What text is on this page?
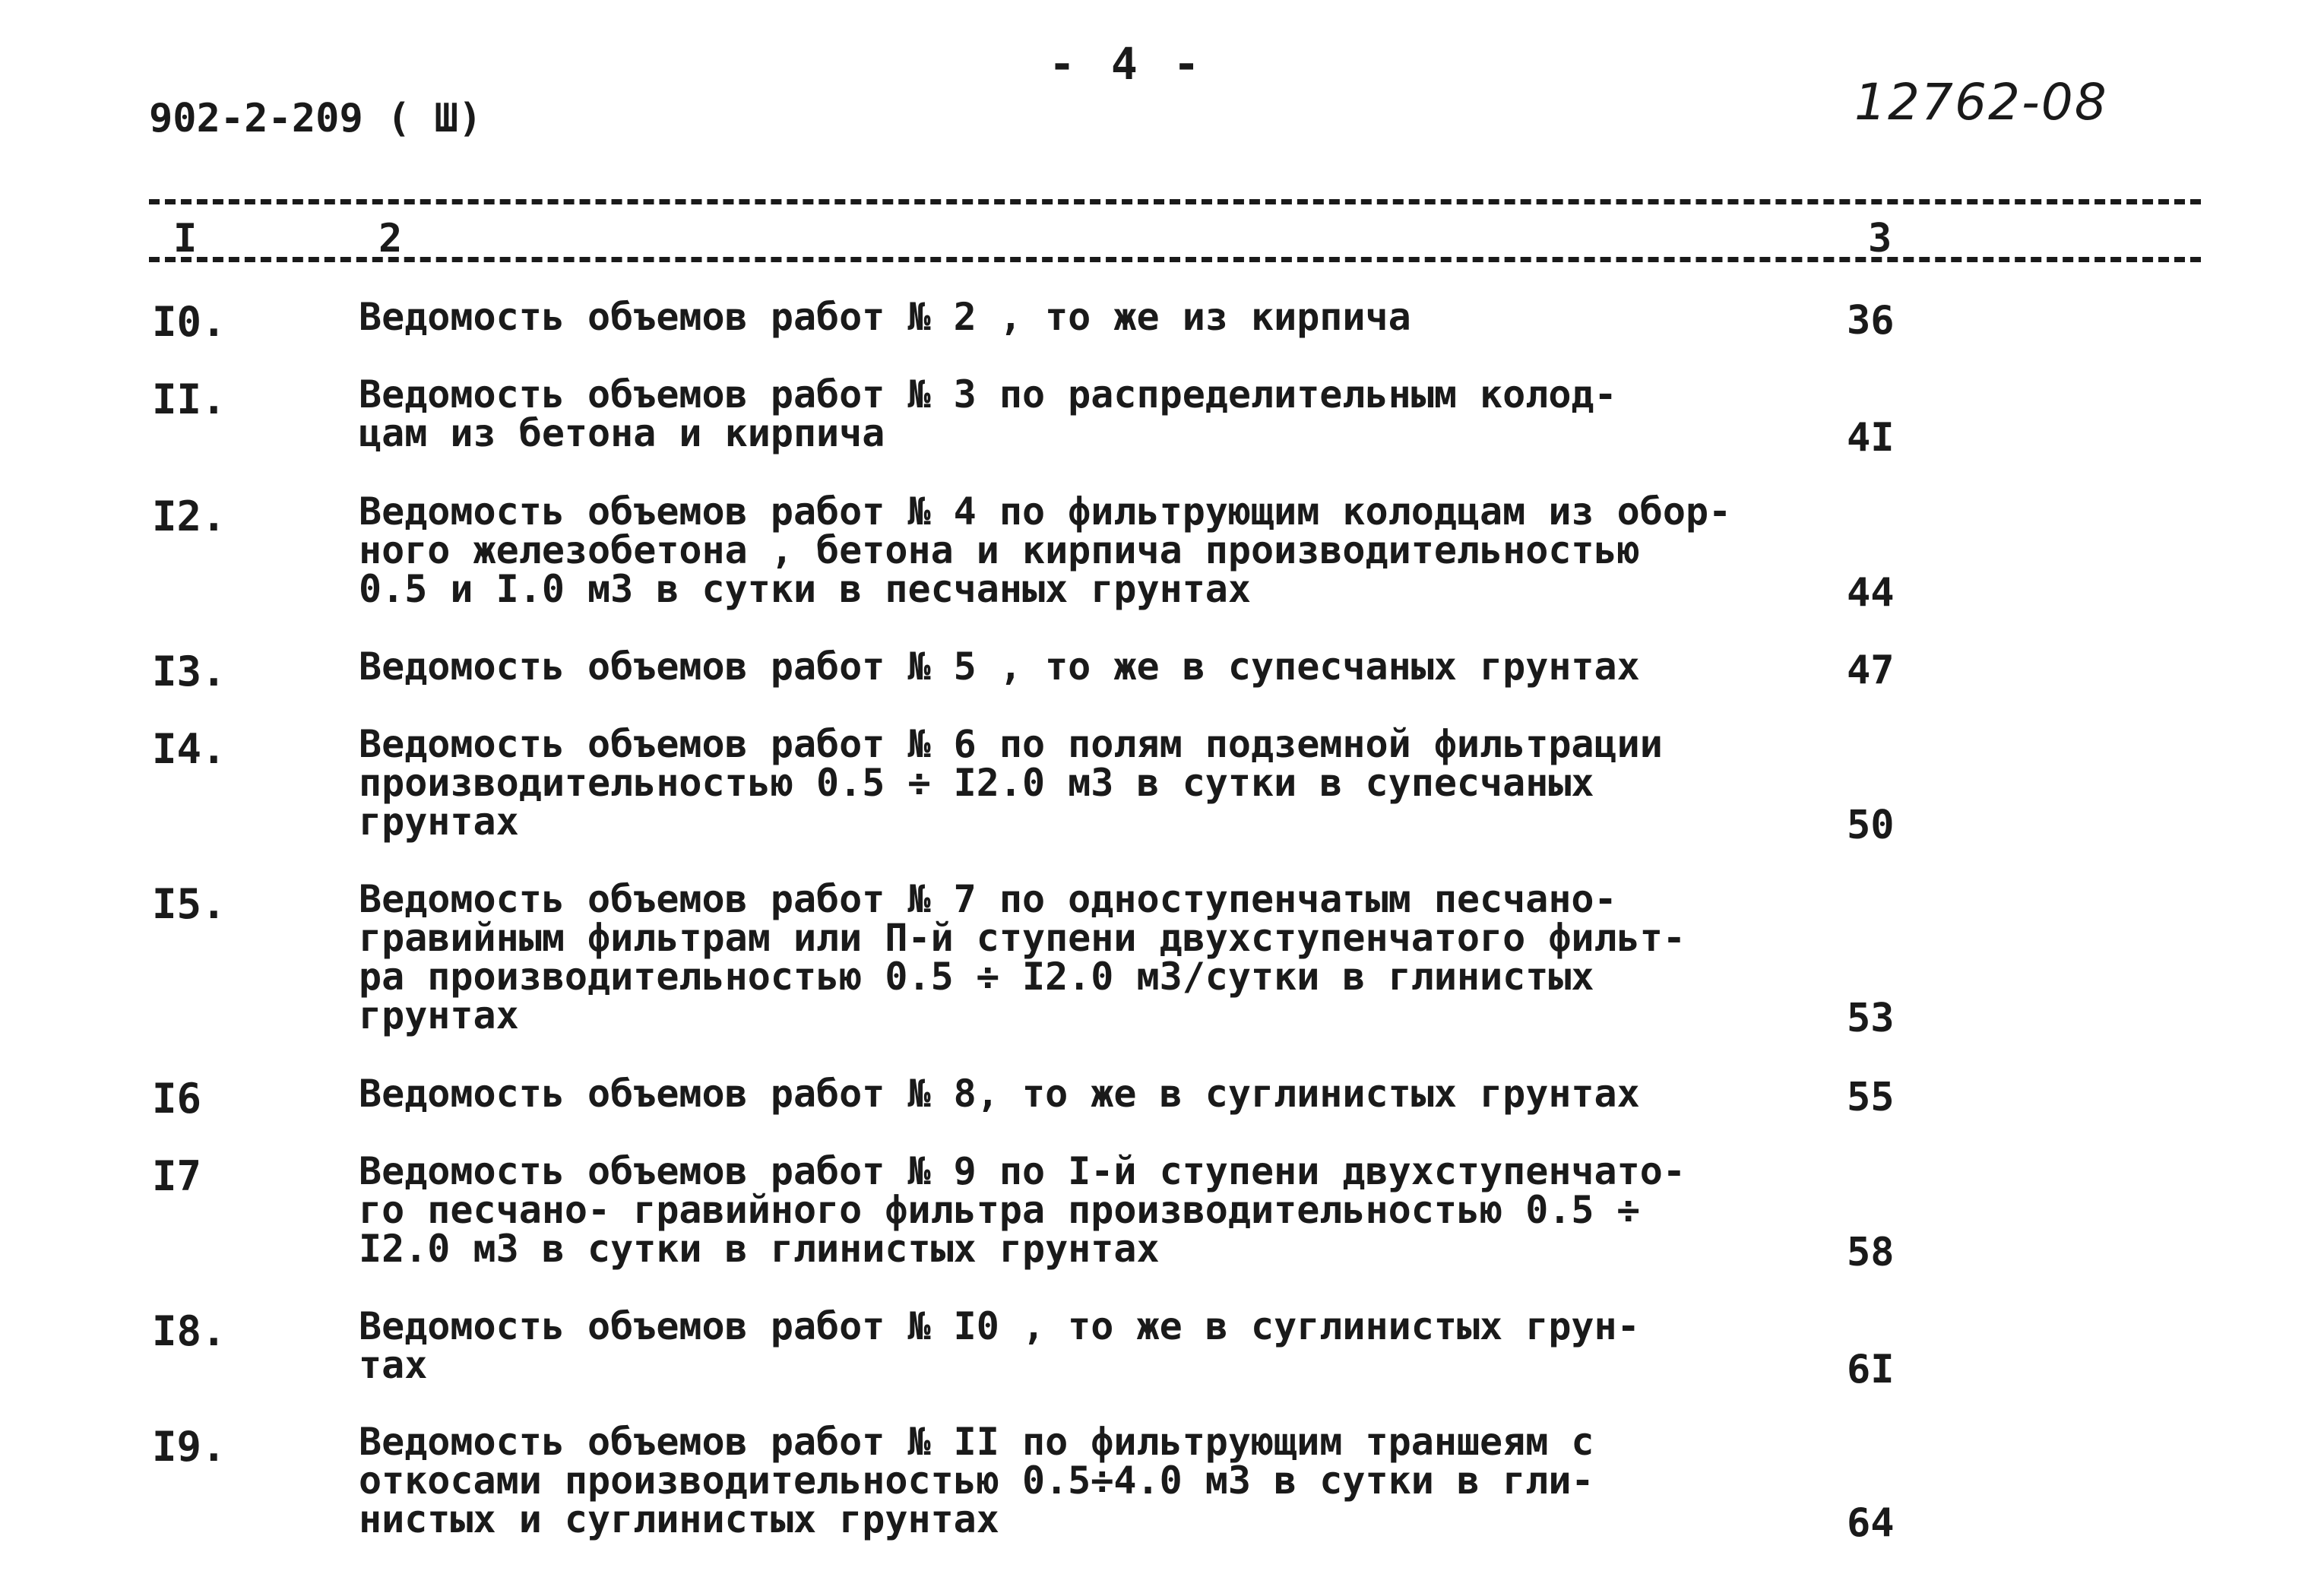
- 4 -
902-2-209 ( Ш)	12762-08
I	2	3
I0.	Ведомость объемов работ № 2 , то же из кирпича	36
II.	Ведомость объемов работ № 3 по распределительным колод-
цам из бетона и кирпича	4I
I2.	Ведомость объемов работ № 4 по фильтрующим колодцам из обор-
ного железобетона , бетона и кирпича производительностью
0.5 и I.0 м3 в сутки в песчаных грунтах	44
I3.	Ведомость объемов работ № 5 , то же в супесчаных грунтах	47
I4.	Ведомость объемов работ № 6 по полям подземной фильтрации
производительностью 0.5 ÷ I2.0 м3 в сутки в супесчаных
грунтах	50
I5.	Ведомость объемов работ № 7 по одноступенчатым песчано-
гравийным фильтрам или П-й ступени двухступенчатого фильт-
ра производительностью 0.5 ÷ I2.0 м3/сутки в глинистых
грунтах	53
I6	Ведомость объемов работ № 8, то же в суглинистых грунтах	55
I7	Ведомость объемов работ № 9 по I-й ступени двухступенчато-
го песчано- гравийного фильтра производительностью 0.5 ÷
I2.0 м3 в сутки в глинистых грунтах	58
I8.	Ведомость объемов работ № I0 , то же в суглинистых грун-
тах	6I
I9.	Ведомость объемов работ № II по фильтрующим траншеям с
откосами производительностью 0.5÷4.0 м3 в сутки в гли-
нистых и суглинистых грунтах	64
